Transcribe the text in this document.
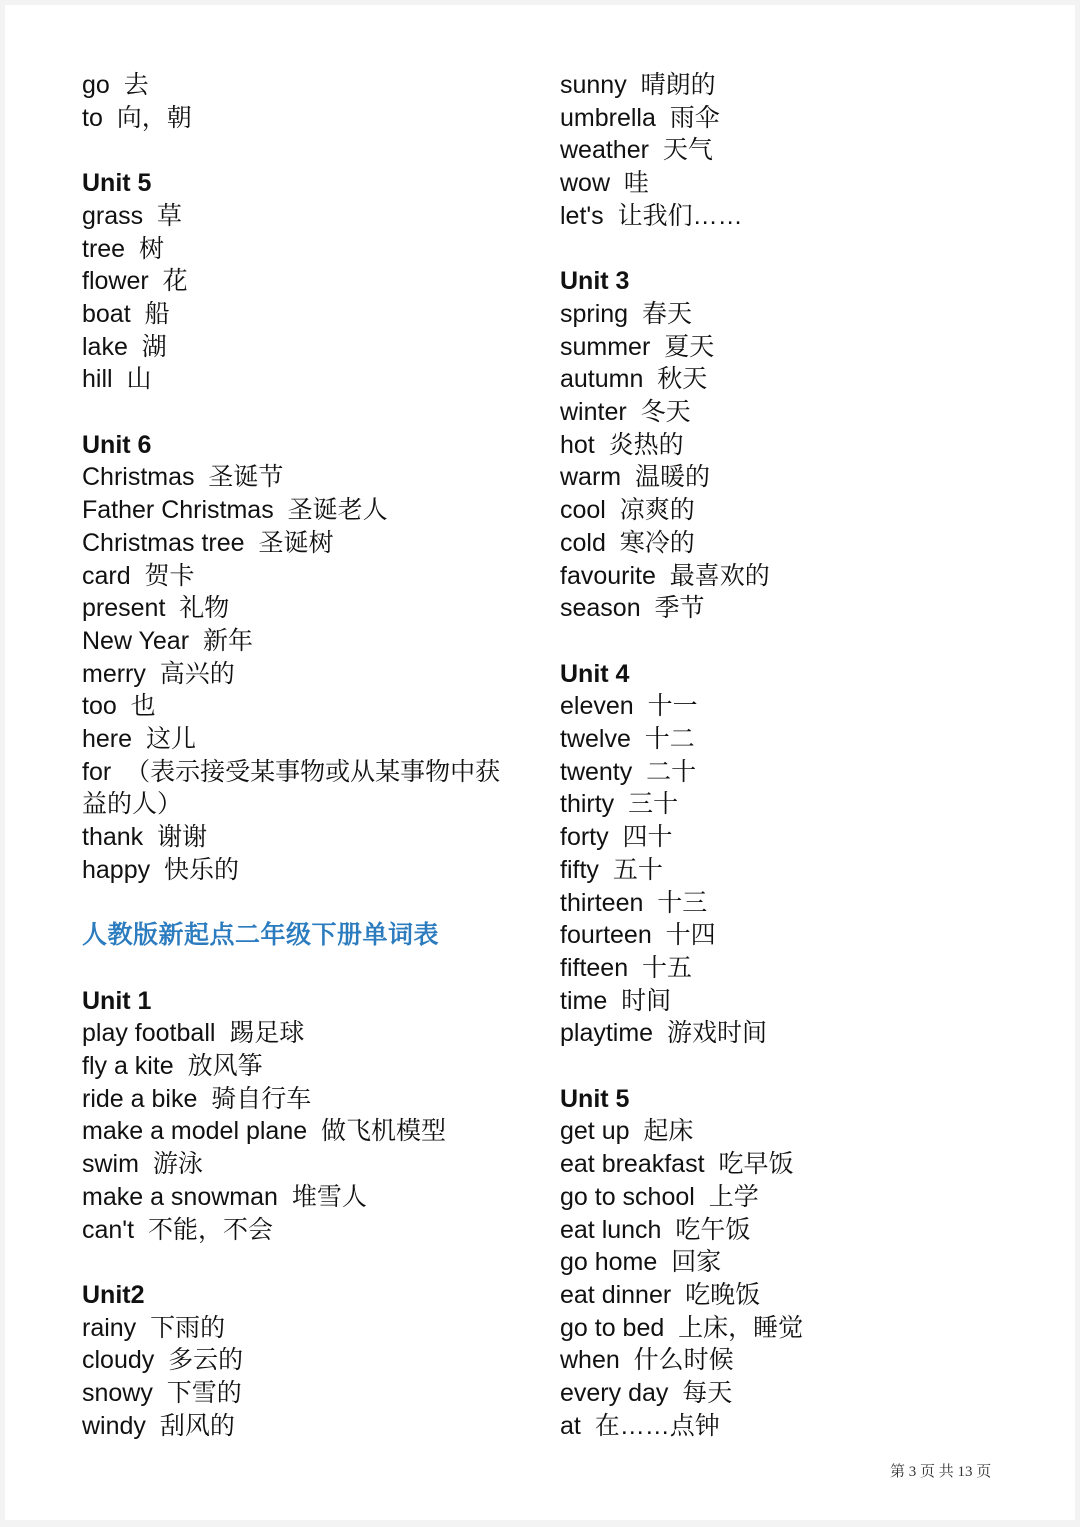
go 去
to 向，朝
Unit 5
grass 草
tree 树
flower 花
boat 船
lake 湖
hill 山
Unit 6
Christmas 圣诞节
Father Christmas 圣诞老人
Christmas tree 圣诞树
card 贺卡
present 礼物
New Year 新年
merry 高兴的
too 也
here 这儿
for （表示接受某事物或从某事物中获益的人）
thank 谢谢
happy 快乐的
人教版新起点二年级下册单词表
Unit 1
play football 踢足球
fly a kite 放风筝
ride a bike 骑自行车
make a model plane 做飞机模型
swim 游泳
make a snowman 堆雪人
can't 不能，不会
Unit2
rainy 下雨的
cloudy 多云的
snowy 下雪的
windy 刮风的
sunny 晴朗的
umbrella 雨伞
weather 天气
wow 哇
let's 让我们……
Unit 3
spring 春天
summer 夏天
autumn 秋天
winter 冬天
hot 炎热的
warm 温暖的
cool 凉爽的
cold 寒冷的
favourite 最喜欢的
season 季节
Unit 4
eleven 十一
twelve 十二
twenty 二十
thirty 三十
forty 四十
fifty 五十
thirteen 十三
fourteen 十四
fifteen 十五
time 时间
playtime 游戏时间
Unit 5
get up 起床
eat breakfast 吃早饭
go to school 上学
eat lunch 吃午饭
go home 回家
eat dinner 吃晚饭
go to bed 上床，睡觉
when 什么时候
every day 每天
at 在……点钟
第 3 页 共 13 页
